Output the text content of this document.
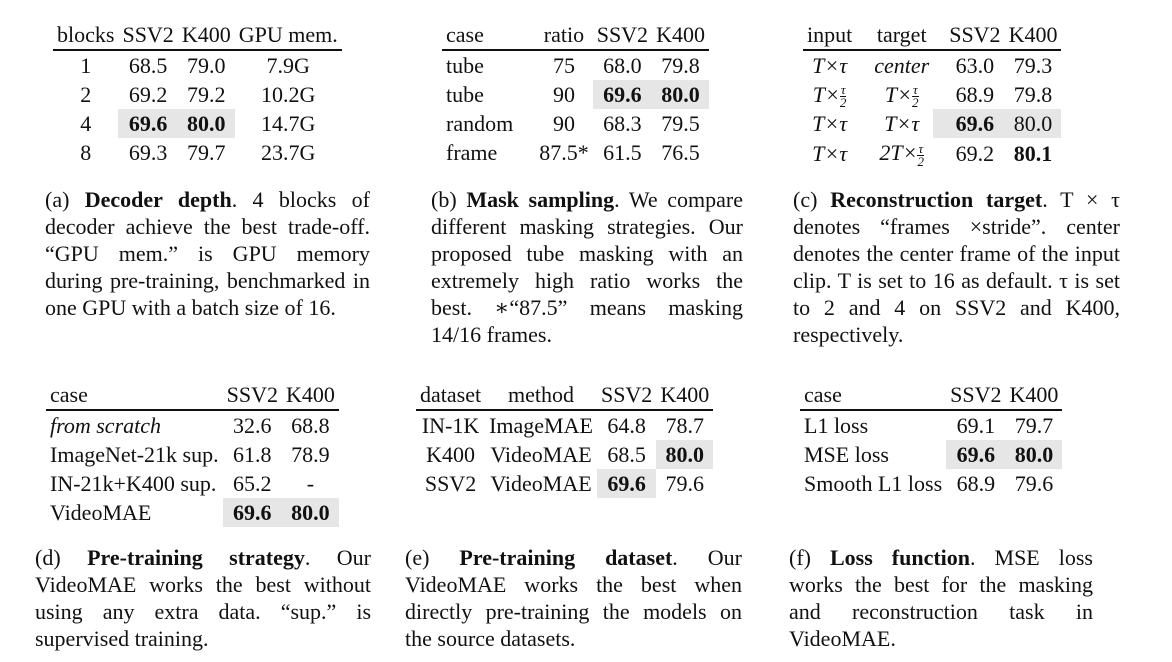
blocks	SSV2	K400	GPU mem.
1	68.5	79.0	7.9G
2	69.2	79.2	10.2G
4	69.6	80.0	14.7G
8	69.3	79.7	23.7G
(a) Decoder depth. 4 blocks of decoder achieve the best trade-off. “GPU mem.” is GPU memory during pre-training, benchmarked in one GPU with a batch size of 16.
case	ratio	SSV2	K400
tube	75	68.0	79.8
tube	90	69.6	80.0
random	90	68.3	79.5
frame	87.5*	61.5	76.5
(b) Mask sampling. We compare different masking strategies. Our proposed tube masking with an extremely high ratio works the best. ∗“87.5” means masking 14/16 frames.
input	target	SSV2	K400
T×τ	center	63.0	79.3
$T\times \frac{\tau}{2}$	$T\times \frac{\tau}{2}$	68.9	79.8
T×τ	T×τ	69.6	80.0
T×τ	$2T\times \frac{\tau}{2}$	69.2	80.1
(c) Reconstruction target. T × τ denotes “frames ×stride”. center denotes the center frame of the input clip. T is set to 16 as default. τ is set to 2 and 4 on SSV2 and K400, respectively.
case	SSV2	K400
from scratch	32.6	68.8
ImageNet-21k sup.	61.8	78.9
IN-21k+K400 sup.	65.2	-
VideoMAE	69.6	80.0
(d) Pre-training strategy. Our VideoMAE works the best without using any extra data. “sup.” is supervised training.
dataset	method	SSV2	K400
IN-1K	ImageMAE	64.8	78.7
K400	VideoMAE	68.5	80.0
SSV2	VideoMAE	69.6	79.6
(e) Pre-training dataset. Our VideoMAE works the best when directly pre-training the models on the source datasets.
case	SSV2	K400
L1 loss	69.1	79.7
MSE loss	69.6	80.0
Smooth L1 loss	68.9	79.6
(f) Loss function. MSE loss works the best for the masking and reconstruction task in VideoMAE.
